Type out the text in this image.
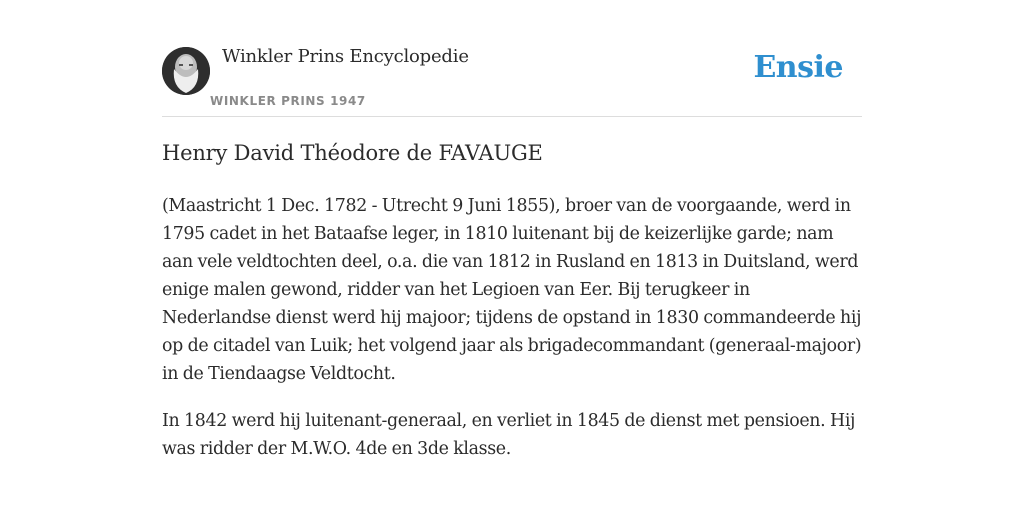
Winkler Prins Encyclopedie
WINKLER PRINS 1947
Ensie
Henry David Théodore de FAVAUGE

(Maastricht 1 Dec. 1782 - Utrecht 9 Juni 1855), broer van de voorgaande, werd in 1795 cadet in het Bataafse leger, in 1810 luitenant bij de keizerlijke garde; nam aan vele veldtochten deel, o.a. die van 1812 in Rusland en 1813 in Duitsland, werd enige malen gewond, ridder van het Legioen van Eer. Bij terugkeer in Nederlandse dienst werd hij majoor; tijdens de opstand in 1830 commandeerde hij op de citadel van Luik; het volgend jaar als brigadecommandant (generaal-majoor) in de Tiendaagse Veldtocht.

In 1842 werd hij luitenant-generaal, en verliet in 1845 de dienst met pensioen. Hij was ridder der M.W.O. 4de en 3de klasse.
